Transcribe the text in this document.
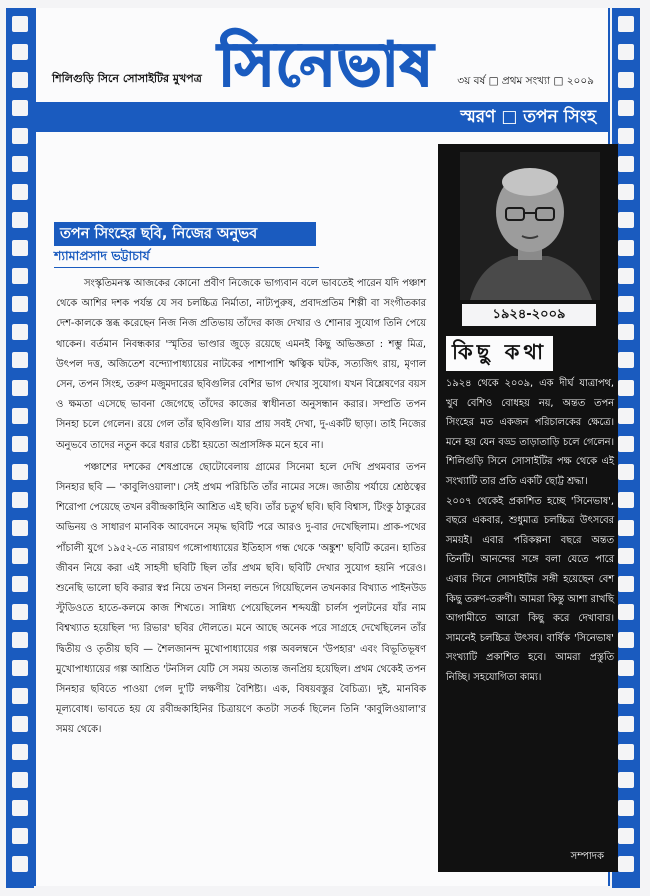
শিলিগুড়ি সিনে সোসাইটির মুখপত্র সিনেভাষ ৩য় বর্ষ □ প্রথম সংখ্যা □ ২০০৯
স্মরণ □ তপন সিংহ
তপন সিংহের ছবি, নিজের অনুভব
শ্যামাপ্রসাদ ভট্টাচার্য

সংস্কৃতিমনস্ক আজকের কোনো প্রবীণ নিজেকে ভাগ্যবান বলে ভাবতেই পারেন যদি পঞ্চাশ থেকে আশির দশক পর্যন্ত যে সব চলচ্চিত্র নির্মাতা, নাট্যপুরুষ, প্রবাদপ্রতিম শিল্পী বা সংগীতকার দেশ-কালকে স্তব্ধ করেছেন নিজ নিজ প্রতিভায় তাঁদের কাজ দেখার ও শোনার সুযোগ তিনি পেয়ে থাকেন। বর্তমান নিবন্ধকার 'স্মৃতির ভাণ্ডার জুড়ে রয়েছে এমনই কিছু অভিজ্ঞতা : শম্ভু মিত্র, উৎপল দত্ত, অজিতেশ বন্দ্যোপাধ্যায়ের নাটকের পাশাপাশি ঋত্বিক ঘটক, সত্যজিৎ রায়, মৃণাল সেন, তপন সিংহ, তরুণ মজুমদারের ছবিগুলির বেশির ভাগ দেখার সুযোগ। যখন বিশ্লেষণের বয়স ও ক্ষমতা এসেছে ভাবনা জেগেছে তাঁদের কাজের স্বাধীনতা অনুসন্ধান করার। সম্প্রতি তপন সিনহা চলে গেলেন। রয়ে গেল তাঁর ছবিগুলি। যার প্রায় সবই দেখা, দু-একটি ছাড়া। তাই নিজের অনুভবে তাদের নতুন করে ধরার চেষ্টা হয়তো অপ্রাসঙ্গিক মনে হবে না।

পঞ্চাশের দশকের শেষপ্রান্তে ছোটোবেলায় গ্রামের সিনেমা হলে দেখি প্রথমবার তপন সিনহার ছবি — 'কাবুলিওয়ালা'। সেই প্রথম পরিচিতি তাঁর নামের সঙ্গে। জাতীয় পর্যায়ে শ্রেষ্ঠত্বের শিরোপা পেয়েছে তখন রবীন্দ্রকাহিনি আশ্রিত এই ছবি। তাঁর চতুর্থ ছবি। ছবি বিশ্বাস, টিংকু ঠাকুরের অভিনয় ও সাধারণ মানবিক আবেদনে সমৃদ্ধ ছবিটি পরে আরও দু-বার দেখেছিলাম। প্রাক-পথের পাঁচালী যুগে ১৯৫২-তে নারায়ণ গঙ্গোপাধ্যায়ের ইতিহাস গন্ধ থেকে 'অঙ্কুশ' ছবিটি করেন। হাতির জীবন নিয়ে করা এই সাহসী ছবিটি ছিল তাঁর প্রথম ছবি। ছবিটি দেখার সুযোগ হয়নি পরেও। শুনেছি ভালো ছবি করার স্বপ্ন নিয়ে তখন সিনহা লন্ডনে গিয়েছিলেন তখনকার বিখ্যাত পাইনউড স্টুডিওতে হাতে-কলমে কাজ শিখতে। সান্নিধ্য পেয়েছিলেন শব্দযন্ত্রী চার্লস পুলটনের যাঁর নাম বিশ্বখ্যাত হয়েছিল 'দ্য রিভার' ছবির দৌলতে। মনে আছে অনেক পরে সাগ্রহে দেখেছিলেন তাঁর দ্বিতীয় ও তৃতীয় ছবি — শৈলজানন্দ মুখোপাধ্যায়ের গল্প অবলম্বনে 'উপহার' এবং বিভূতিভূষণ মুখোপাধ্যায়ের গল্প আশ্রিত 'টনসিল যেটি সে সময় অত্যন্ত জনপ্রিয় হয়েছিল। প্রথম থেকেই তপন সিনহার ছবিতে পাওয়া গেল দু'টি লক্ষণীয় বৈশিষ্ট্য। এক, বিষয়বস্তুর বৈচিত্র্য। দুই, মানবিক মূল্যবোধ। ভাবতে হয় যে রবীন্দ্রকাহিনির চিত্রায়ণে কতটা সতর্ক ছিলেন তিনি 'কাবুলিওয়ালা'র সময় থেকে।

১৯২৪-২০০৯
কিছু কথা

১৯২৪ থেকে ২০০৯, এক দীর্ঘ যাত্রাপথ, খুব বেশিও বোধহয় নয়, অন্তত তপন সিংহের মত একজন পরিচালকের ক্ষেত্রে। মনে হয় যেন বড্ড তাড়াতাড়ি চলে গেলেন। শিলিগুড়ি সিনে সোসাইটির পক্ষ থেকে এই সংখ্যাটি তার প্রতি একটি ছোট্ট শ্রদ্ধা।

২০০৭ থেকেই প্রকাশিত হচ্ছে 'সিনেভাষ', বছরে একবার, শুধুমাত্র চলচ্চিত্র উৎসবের সময়ই। এবার পরিকল্পনা বছরে অন্তত তিনটি। আনন্দের সঙ্গে বলা যেতে পারে এবার সিনে সোসাইটির সঙ্গী হয়েছেন বেশ কিছু তরুণ-তরুণী। আমরা কিন্তু আশা রাখছি আগামীতে আরো কিছু করে দেখাবার। সামনেই চলচ্চিত্র উৎসব। বার্ষিক 'সিনেভাষ' সংখ্যাটি প্রকাশিত হবে। আমরা প্রস্তুতি নিচ্ছি। সহযোগিতা কাম্য।

সম্পাদক
